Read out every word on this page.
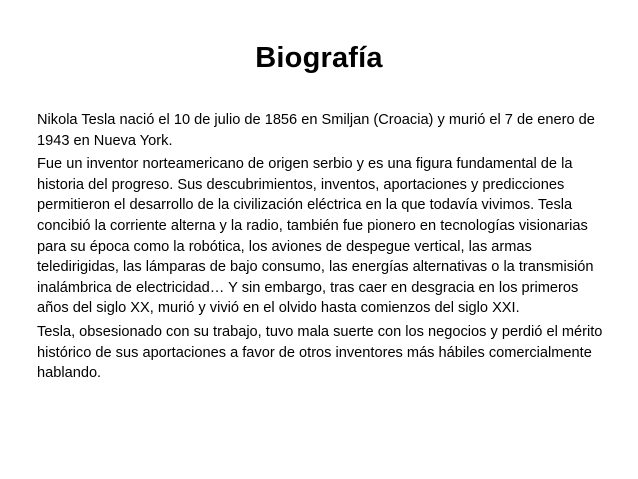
Biografía

Nikola Tesla nació el 10 de julio de 1856 en Smiljan (Croacia) y murió el 7 de enero de 1943 en Nueva York.

Fue un inventor norteamericano de origen serbio y es una figura fundamental de la historia del progreso. Sus descubrimientos, inventos, aportaciones y predicciones permitieron el desarrollo de la civilización eléctrica en la que todavía vivimos. Tesla concibió la corriente alterna y la radio, también fue pionero en tecnologías visionarias para su época como la robótica, los aviones de despegue vertical, las armas teledirigidas, las lámparas de bajo consumo, las energías alternativas o la transmisión inalámbrica de electricidad… Y sin embargo, tras caer en desgracia en los primeros años del siglo XX, murió y vivió en el olvido hasta comienzos del siglo XXI.

Tesla, obsesionado con su trabajo, tuvo mala suerte con los negocios y perdió el mérito histórico de sus aportaciones a favor de otros inventores más hábiles comercialmente hablando.
